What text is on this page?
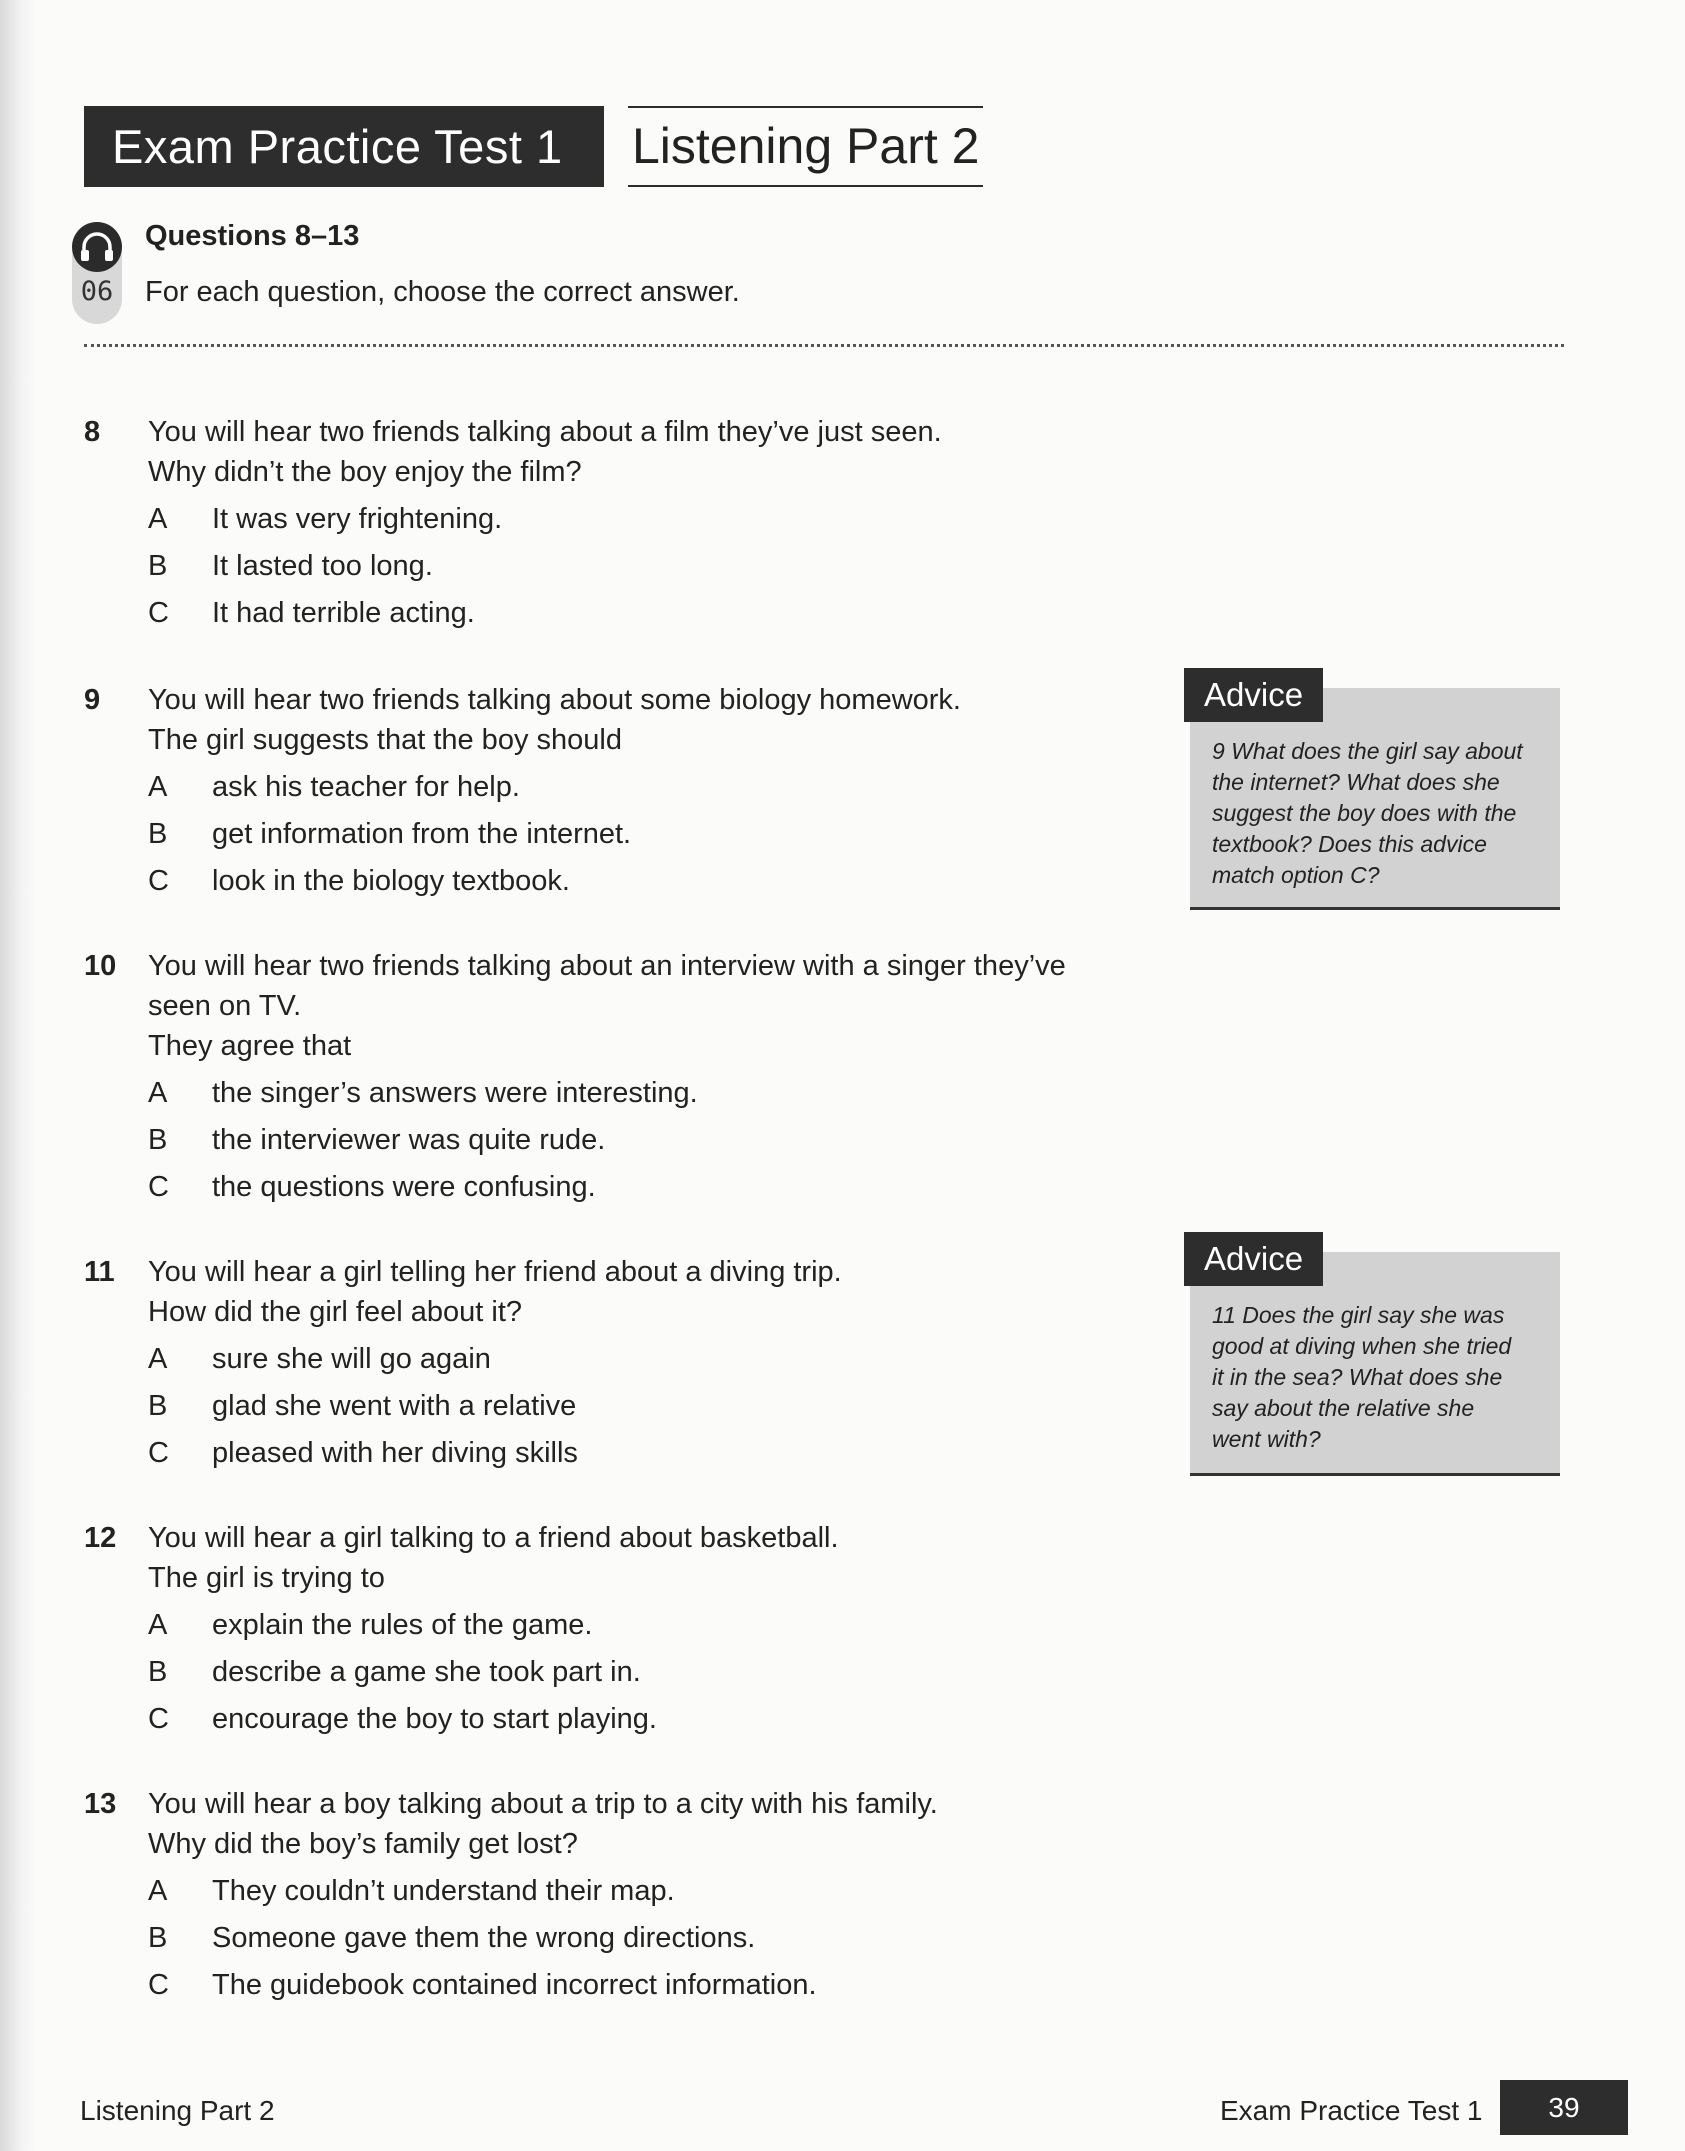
Exam Practice Test 1	Listening Part 2
06
Questions 8–13
For each question, choose the correct answer.
8 You will hear two friends talking about a film they’ve just seen.
Why didn’t the boy enjoy the film?
A It was very frightening.
B It lasted too long.
C It had terrible acting.
9 You will hear two friends talking about some biology homework.
The girl suggests that the boy should
A ask his teacher for help.
B get information from the internet.
C look in the biology textbook.
10 You will hear two friends talking about an interview with a singer they’ve
seen on TV.
They agree that
A the singer’s answers were interesting.
B the interviewer was quite rude.
C the questions were confusing.
11 You will hear a girl telling her friend about a diving trip.
How did the girl feel about it?
A sure she will go again
B glad she went with a relative
C pleased with her diving skills
12 You will hear a girl talking to a friend about basketball.
The girl is trying to
A explain the rules of the game.
B describe a game she took part in.
C encourage the boy to start playing.
13 You will hear a boy talking about a trip to a city with his family.
Why did the boy’s family get lost?
A They couldn’t understand their map.
B Someone gave them the wrong directions.
C The guidebook contained incorrect information.
Advice
9 What does the girl say about
the internet? What does she
suggest the boy does with the
textbook? Does this advice
match option C?
Advice
11 Does the girl say she was
good at diving when she tried
it in the sea? What does she
say about the relative she
went with?
Listening Part 2	Exam Practice Test 1	39
